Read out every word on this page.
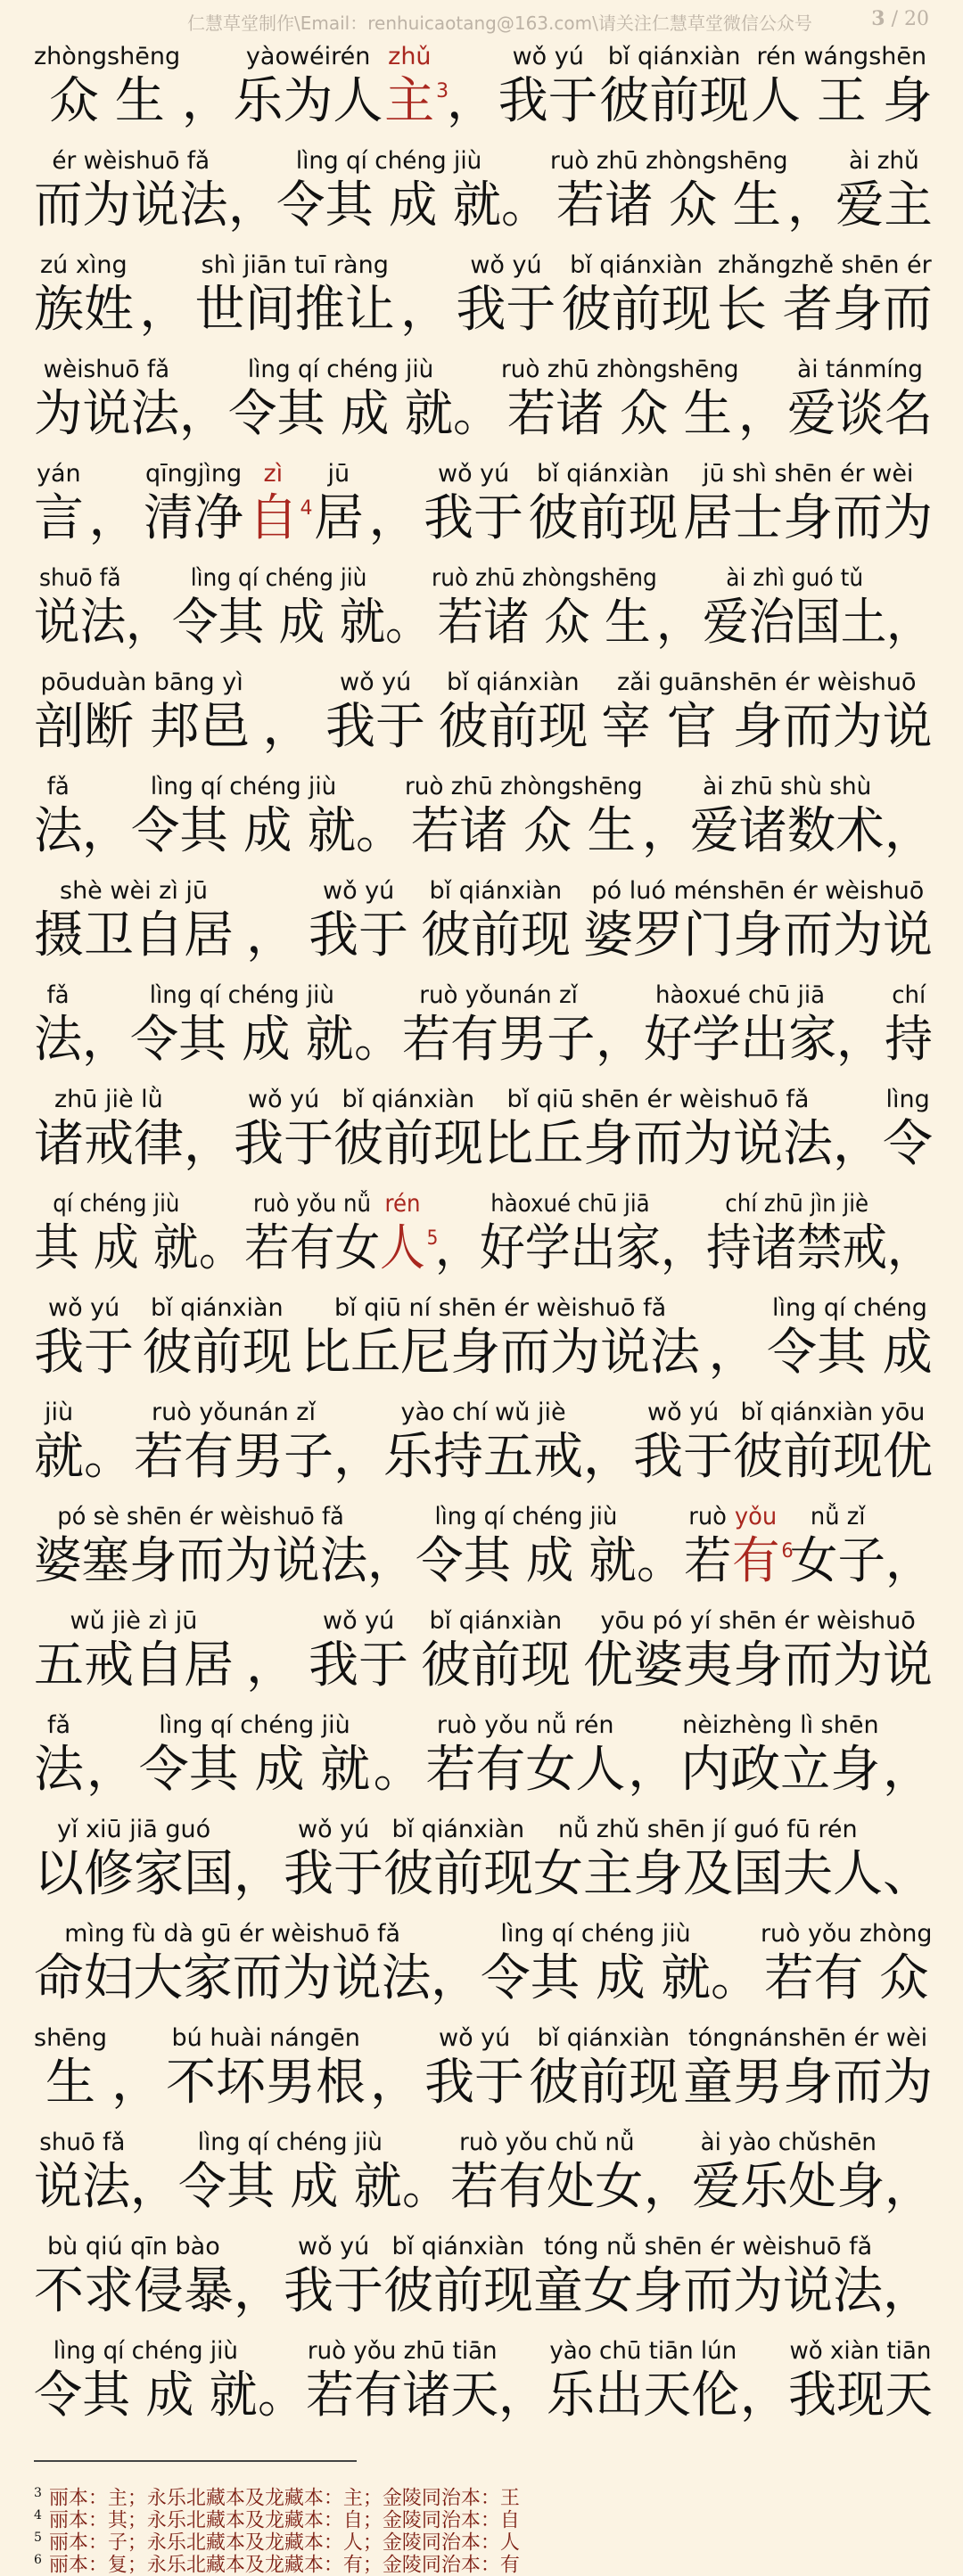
仁慧草堂制作\Email：renhuicaotang@163.com\请关注仁慧草堂微信公众号	3 / 20
zhòngshēng
众 生 ，
yàowéirén
乐为人
zhǔ
主 3
，
wǒ yú
我于
bǐ qiánxiàn
彼前现
rén wángshēn
人 王 身
ér wèishuō fǎ
而为说法 ，
lìng qí chéng jiù
令其 成 就 。
ruò zhū zhòngshēng
若诸 众 生 ，
ài zhǔ
爱主
zú xìng
族姓 ，
shì jiān tuī ràng
世间推让 ，
wǒ yú
我于
bǐ qiánxiàn
彼前现
zhǎngzhě shēn ér
长 者身而
wèishuō fǎ
为说法 ，
lìng qí chéng jiù
令其 成 就 。
ruò zhū zhòngshēng
若诸 众 生 ，
ài tánmíng
爱谈名
yán
言 ，
qīngjìng
清净
zì
自 4
jū
居 ，
wǒ yú
我于
bǐ qiánxiàn
彼前现
jū shì shēn ér wèi
居士身而为
shuō fǎ
说法 ，
lìng qí chéng jiù
令其 成 就 。
ruò zhū zhòngshēng
若诸 众 生 ，
ài zhì guó tǔ
爱治国土 ，
pōuduàn bāng yì
剖断 邦邑 ，
wǒ yú
我于
bǐ qiánxiàn
彼前现
zǎi guānshēn ér wèishuō
宰 官 身而为说
fǎ
法 ，
lìng qí chéng jiù
令其 成 就 。
ruò zhū zhòngshēng
若诸 众 生 ，
ài zhū shù shù
爱诸数术 ，
shè wèi zì jū
摄卫自居 ，
wǒ yú
我于
bǐ qiánxiàn
彼前现
pó luó ménshēn ér wèishuō
婆罗门身而为说
fǎ
法 ，
lìng qí chéng jiù
令其 成 就 。
ruò yǒunán zǐ
若有男子 ，
hàoxué chū jiā
好学出家 ，
chí
持
zhū jiè lǜ
诸戒律 ，
wǒ yú
我于
bǐ qiánxiàn
彼前现
bǐ qiū shēn ér wèishuō fǎ
比丘身而为说法 ，
lìng
令
qí chéng jiù
其 成 就 。
ruò yǒu nǚ
若有女
rén
人 5
，
hàoxué chū jiā
好学出家 ，
chí zhū jìn jiè
持诸禁戒 ，
wǒ yú
我于
bǐ qiánxiàn
彼前现
bǐ qiū ní shēn ér wèishuō fǎ
比丘尼身而为说法 ，
lìng qí chéng
令其 成
jiù
就 。
ruò yǒunán zǐ
若有男子 ，
yào chí wǔ jiè
乐持五戒 ，
wǒ yú
我于
bǐ qiánxiàn yōu
彼前现优
pó sè shēn ér wèishuō fǎ
婆塞身而为说法 ，
lìng qí chéng jiù
令其 成 就 。
ruò
若
yǒu
有 6
nǚ zǐ
女子 ，
wǔ jiè zì jū
五戒自居 ，
wǒ yú
我于
bǐ qiánxiàn
彼前现
yōu pó yí shēn ér wèishuō
优婆夷身而为说
fǎ
法 ，
lìng qí chéng jiù
令其 成 就 。
ruò yǒu nǚ rén
若有女人 ，
nèizhèng lì shēn
内政立身 ，
yǐ xiū jiā guó
以修家国 ，
wǒ yú
我于
bǐ qiánxiàn
彼前现
nǚ zhǔ shēn jí guó fū rén
女主身及国夫人 、
mìng fù dà gū ér wèishuō fǎ
命妇大家而为说法 ，
lìng qí chéng jiù
令其 成 就 。
ruò yǒu zhòng
若有 众
shēng
生 ，
bú huài nángēn
不坏男根 ，
wǒ yú
我于
bǐ qiánxiàn
彼前现
tóngnánshēn ér wèi
童男身而为
shuō fǎ
说法 ，
lìng qí chéng jiù
令其 成 就 。
ruò yǒu chǔ nǚ
若有处女 ，
ài yào chǔshēn
爱乐处身 ，
bù qiú qīn bào
不求侵暴 ，
wǒ yú
我于
bǐ qiánxiàn
彼前现
tóng nǚ shēn ér wèishuō fǎ
童女身而为说法 ，
lìng qí chéng jiù
令其 成 就 。
ruò yǒu zhū tiān
若有诸天 ，
yào chū tiān lún
乐出天伦 ，
wǒ xiàn tiān
我现天
$^3$ 丽本：主；永乐北藏本及龙藏本：主；金陵同治本：王
$^4$ 丽本：其；永乐北藏本及龙藏本：自；金陵同治本：自
$^5$ 丽本：子；永乐北藏本及龙藏本：人；金陵同治本：人
$^6$ 丽本：复；永乐北藏本及龙藏本：有；金陵同治本：有
